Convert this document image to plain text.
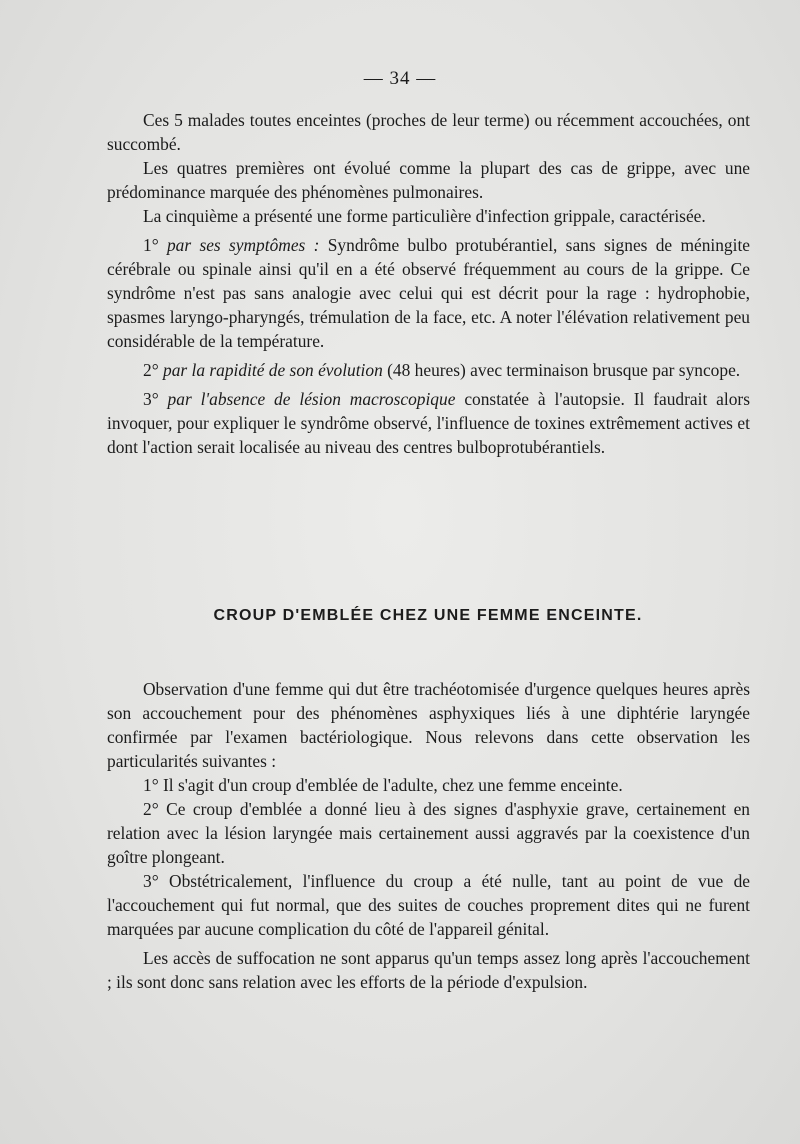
— 34 —

Ces 5 malades toutes enceintes (proches de leur terme) ou récemment accouchées, ont succombé.

Les quatres premières ont évolué comme la plupart des cas de grippe, avec une prédominance marquée des phénomènes pulmonaires.

La cinquième a présenté une forme particulière d'infection grippale, caractérisée.

1° par ses symptômes : Syndrôme bulbo protubérantiel, sans signes de méningite cérébrale ou spinale ainsi qu'il en a été observé fréquemment au cours de la grippe. Ce syndrôme n'est pas sans analogie avec celui qui est décrit pour la rage : hydrophobie, spasmes laryngo-pharyngés, trémulation de la face, etc. A noter l'élévation relativement peu considérable de la température.

2° par la rapidité de son évolution (48 heures) avec terminaison brusque par syncope.

3° par l'absence de lésion macroscopique constatée à l'autopsie. Il faudrait alors invoquer, pour expliquer le syndrôme observé, l'influence de toxines extrêmement actives et dont l'action serait localisée au niveau des centres bulboprotubérantiels.

CROUP D'EMBLÉE CHEZ UNE FEMME ENCEINTE.

Observation d'une femme qui dut être trachéotomisée d'urgence quelques heures après son accouchement pour des phénomènes asphyxiques liés à une diphtérie laryngée confirmée par l'examen bactériologique. Nous relevons dans cette observation les particularités suivantes :

1° Il s'agit d'un croup d'emblée de l'adulte, chez une femme enceinte.

2° Ce croup d'emblée a donné lieu à des signes d'asphyxie grave, certainement en relation avec la lésion laryngée mais certainement aussi aggravés par la coexistence d'un goître plongeant.

3° Obstétricalement, l'influence du croup a été nulle, tant au point de vue de l'accouchement qui fut normal, que des suites de couches proprement dites qui ne furent marquées par aucune complication du côté de l'appareil génital.

Les accès de suffocation ne sont apparus qu'un temps assez long après l'accouchement ; ils sont donc sans relation avec les efforts de la période d'expulsion.
